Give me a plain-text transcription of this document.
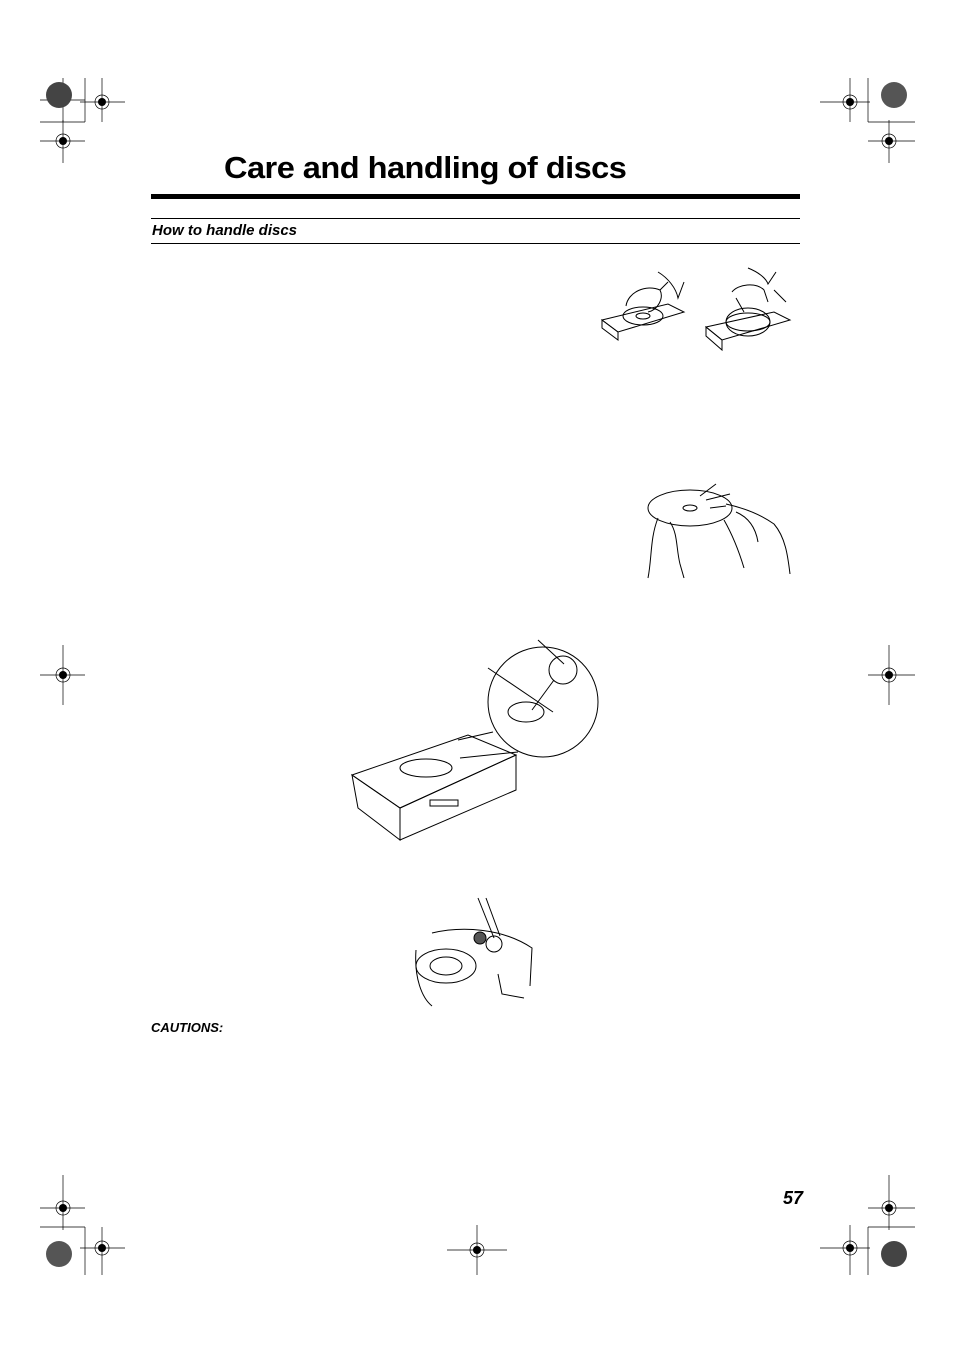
Care and handling of discs
How to handle discs
CAUTIONS:
57
